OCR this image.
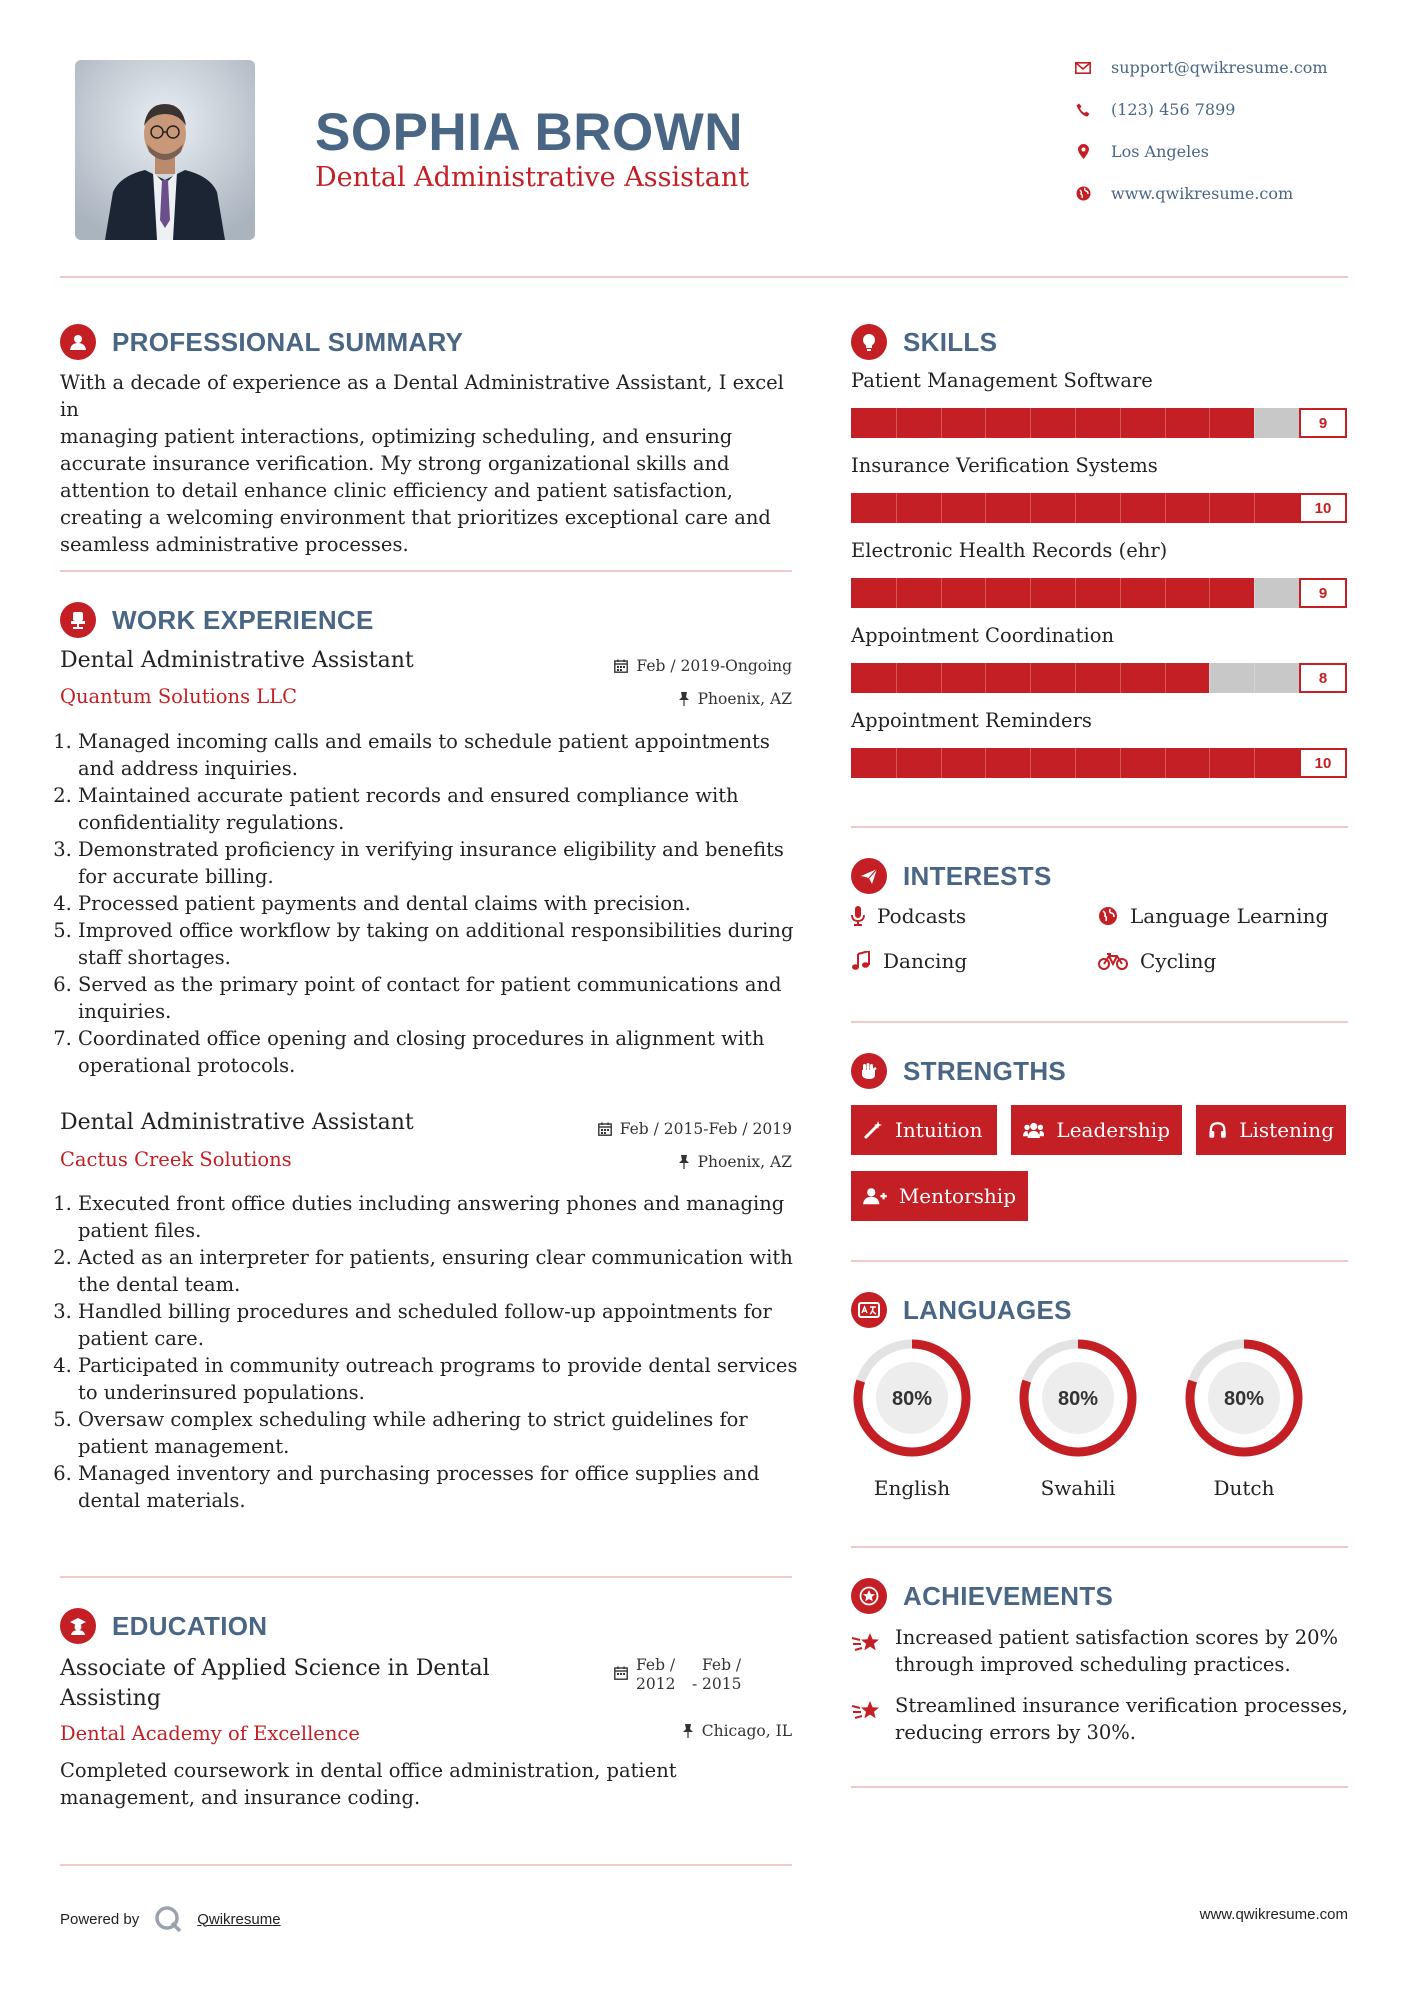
SOPHIA BROWN
Dental Administrative Assistant
support@qwikresume.com
(123) 456 7899
Los Angeles
www.qwikresume.com
PROFESSIONAL SUMMARY
With a decade of experience as a Dental Administrative Assistant, I excel in
managing patient interactions, optimizing scheduling, and ensuring
accurate insurance verification. My strong organizational skills and
attention to detail enhance clinic efficiency and patient satisfaction,
creating a welcoming environment that prioritizes exceptional care and
seamless administrative processes.
WORK EXPERIENCE
Dental Administrative Assistant	Feb / 2019-Ongoing
Quantum Solutions LLC	Phoenix, AZ
1. Managed incoming calls and emails to schedule patient appointments
and address inquiries.
2. Maintained accurate patient records and ensured compliance with
confidentiality regulations.
3. Demonstrated proficiency in verifying insurance eligibility and benefits
for accurate billing.
4. Processed patient payments and dental claims with precision.
5. Improved office workflow by taking on additional responsibilities during
staff shortages.
6. Served as the primary point of contact for patient communications and
inquiries.
7. Coordinated office opening and closing procedures in alignment with
operational protocols.
Dental Administrative Assistant	Feb / 2015-Feb / 2019
Cactus Creek Solutions	Phoenix, AZ
1. Executed front office duties including answering phones and managing
patient files.
2. Acted as an interpreter for patients, ensuring clear communication with
the dental team.
3. Handled billing procedures and scheduled follow-up appointments for
patient care.
4. Participated in community outreach programs to provide dental services
to underinsured populations.
5. Oversaw complex scheduling while adhering to strict guidelines for
patient management.
6. Managed inventory and purchasing processes for office supplies and
dental materials.
EDUCATION
Associate of Applied Science in Dental
Assisting
Feb /
2012	-
Feb /
2015
Dental Academy of Excellence	Chicago, IL
Completed coursework in dental office administration, patient
management, and insurance coding.
SKILLS
Patient Management Software
9
Insurance Verification Systems
10
Electronic Health Records (ehr)
9
Appointment Coordination
8
Appointment Reminders
10
INTERESTS
Podcasts	Language Learning
Dancing	Cycling
STRENGTHS
Intuition	Leadership	Listening
Mentorship
LANGUAGES
80%
English
80%
Swahili
80%
Dutch
ACHIEVEMENTS
Increased patient satisfaction scores by 20%
through improved scheduling practices.
Streamlined insurance verification processes,
reducing errors by 30%.
Powered by	Qwikresume	www.qwikresume.com
